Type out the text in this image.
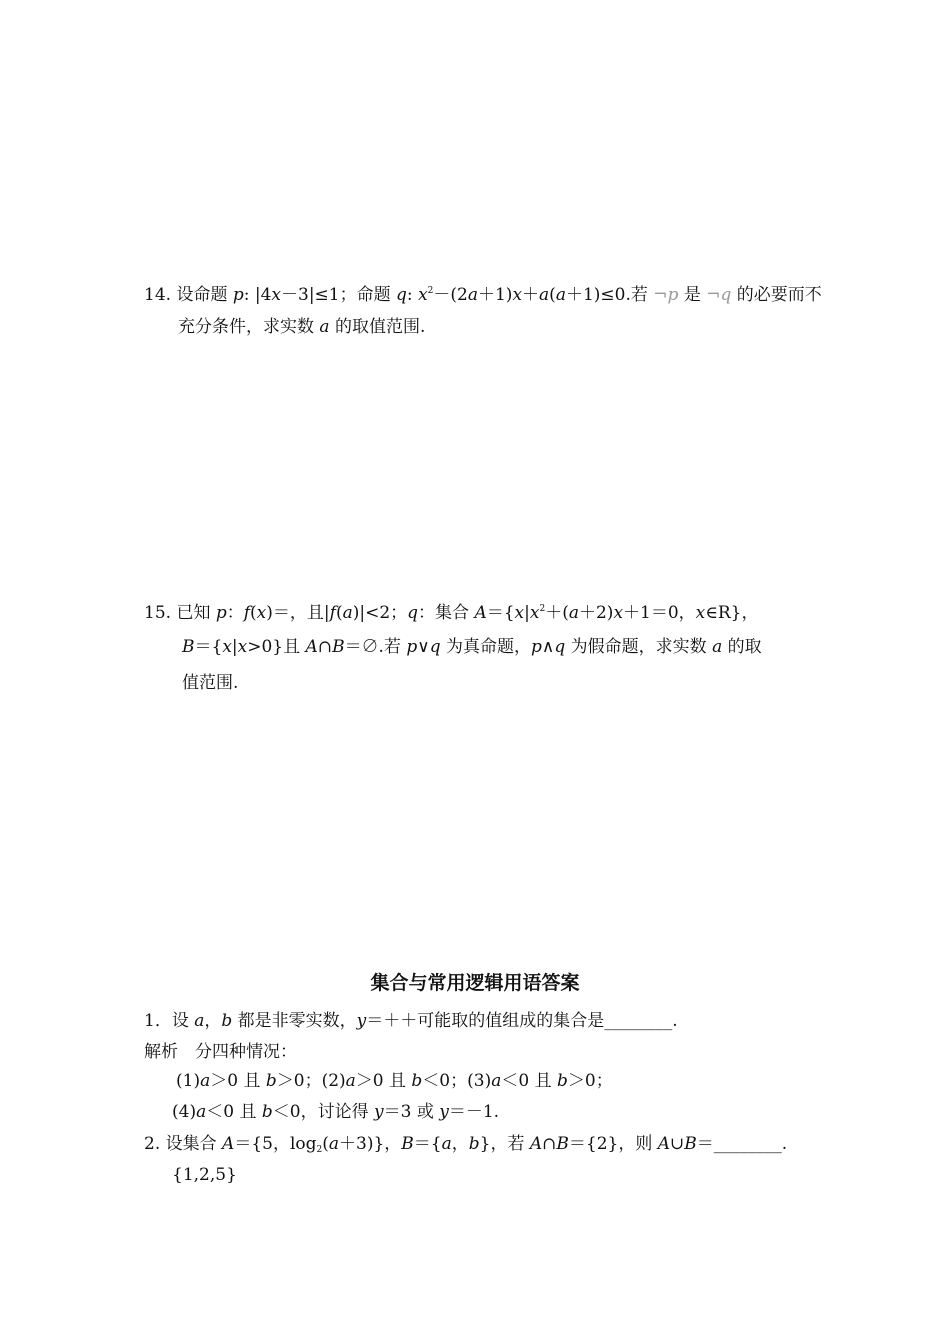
14. 设命题 p: |4x－3|≤1；命题 q: $x^2-(2a+1)x+a(a+1)\le 0$.若 ¬p 是 ¬q 的必要而不
充分条件，求实数 a 的取值范围.
15. 已知 p：f(x)＝，且|f(a)|<2；q：集合 $A=\{x|x^2+(a+2)x+1=0$，x∈R}，
B＝{x|x>0}且 A∩B＝∅.若 p∨q 为真命题，p∧q 为假命题，求实数 a 的取
值范围.
集合与常用逻辑用语答案
1．设 a，b 都是非零实数，y＝＋＋可能取的值组成的集合是________.
解析　分四种情况：
(1)a＞0 且 b＞0；(2)a＞0 且 b＜0；(3)a＜0 且 b＞0；
(4)a＜0 且 b＜0，讨论得 y＝3 或 y＝－1.
2. 设集合 A＝{5，$\log_2(a+3)$}，B＝{a，b}，若 A∩B＝{2}，则 A∪B＝________.
{1,2,5}
